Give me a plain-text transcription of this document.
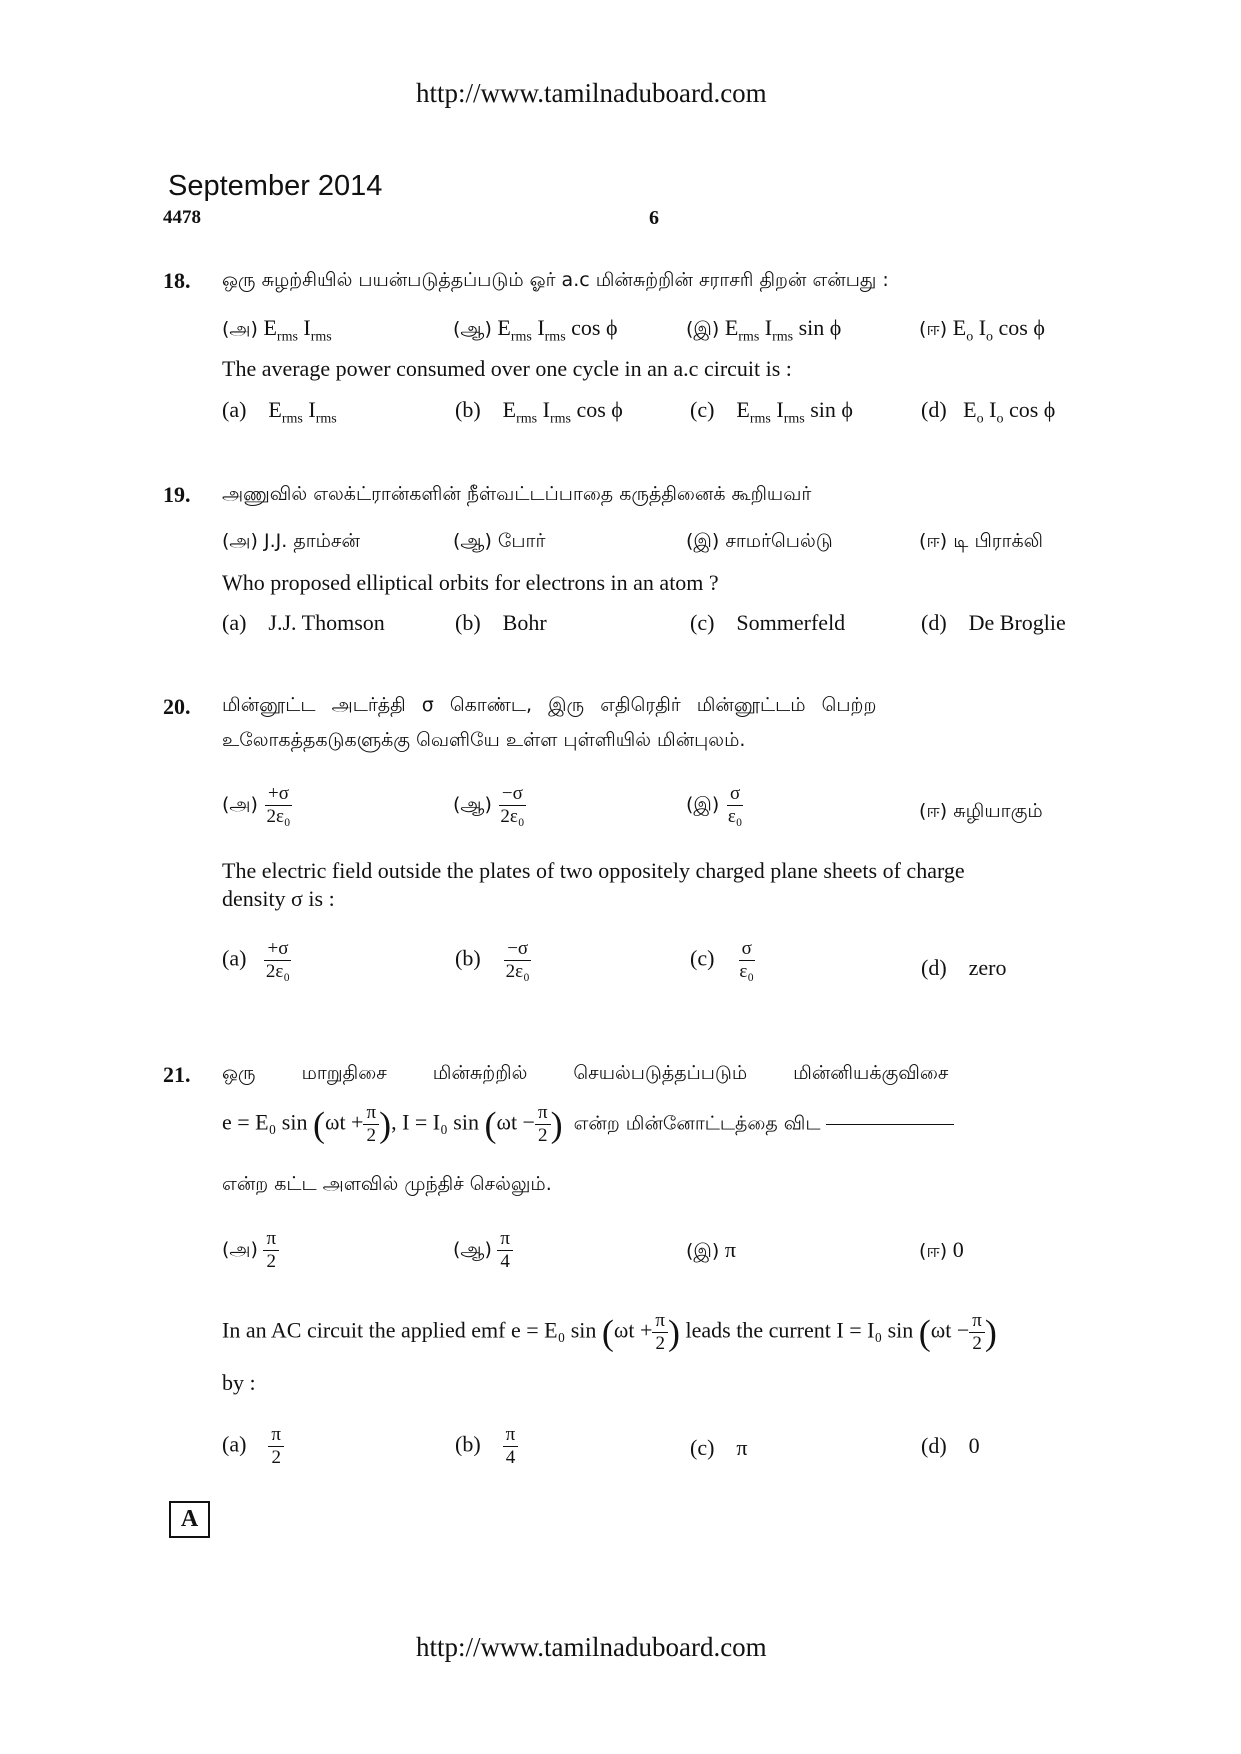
http://www.tamilnaduboard.com
September 2014
4478	6
18. ஒரு சுழற்சியில் பயன்படுத்தப்படும் ஓர் a.c மின்சுற்றின் சராசரி திறன் என்பது :
(அ) $E_{rms}$ $I_{rms}$	(ஆ) $E_{rms}$ $I_{rms}$ cos ϕ	(இ) $E_{rms}$ $I_{rms}$ sin ϕ	(ஈ) $E_o$ $I_o$ cos ϕ
The average power consumed over one cycle in an a.c circuit is :
(a)    $E_{rms}$ $I_{rms}$	(b)    $E_{rms}$ $I_{rms}$ cos ϕ	(c)    $E_{rms}$ $I_{rms}$ sin ϕ	(d)   $E_o$ $I_o$ cos ϕ
19. அணுவில் எலக்ட்ரான்களின் நீள்வட்டப்பாதை கருத்தினைக் கூறியவர்
(அ) J.J. தாம்சன்	(ஆ) போர்	(இ) சாமர்பெல்டு	(ஈ) டி பிராக்லி
Who proposed elliptical orbits for electrons in an atom ?
(a) J.J. Thomson	(b) Bohr	(c) Sommerfeld	(d) De Broglie
20. மின்னூட்ட அடர்த்தி σ கொண்ட, இரு எதிரெதிர் மின்னூட்டம் பெற்ற
உலோகத்தகடுகளுக்கு வெளியே உள்ள புள்ளியில் மின்புலம்.
(அ) $\frac{+\sigma}{\text{2ε₀}}$	(ஆ) $\frac{-\sigma}{\text{2ε₀}}$	(இ) $\frac{\sigma}{\text{ε₀}}$	(ஈ) சுழியாகும்
The electric field outside the plates of two oppositely charged plane sheets of charge
density σ is :
$(a) \frac{+\sigma}{\text{2ε₀}}$	$(b) \frac{-\sigma}{\text{2ε₀}}$	$(c) \frac{\sigma}{\text{ε₀}}$	(d) zero
21. ஒரு மாறுதிசை மின்சுற்றில் செயல்படுத்தப்படும் மின்னியக்குவிசை
e = E₀ $\sin (\omega t + \frac{\pi}{2}$ ), I = I₀ $\sin (\omega t - \frac{\pi}{2}$ ) என்ற மின்னோட்டத்தை விட
என்ற கட்ட அளவில் முந்திச் செல்லும்.
(அ) $\frac{\pi}{2}$	(ஆ) $\frac{\pi}{4}$	(இ) π	(ஈ) 0
In an AC circuit the applied emf e = E₀ $\sin (\omega t + \frac{\pi}{2}$ ) leads the current I = I₀ $\sin (\omega t - \frac{\pi}{2}$ )
by :
$(a) \frac{\pi}{2}$	$(b) \frac{\pi}{4}$	(c) π	(d) 0
A
http://www.tamilnaduboard.com
